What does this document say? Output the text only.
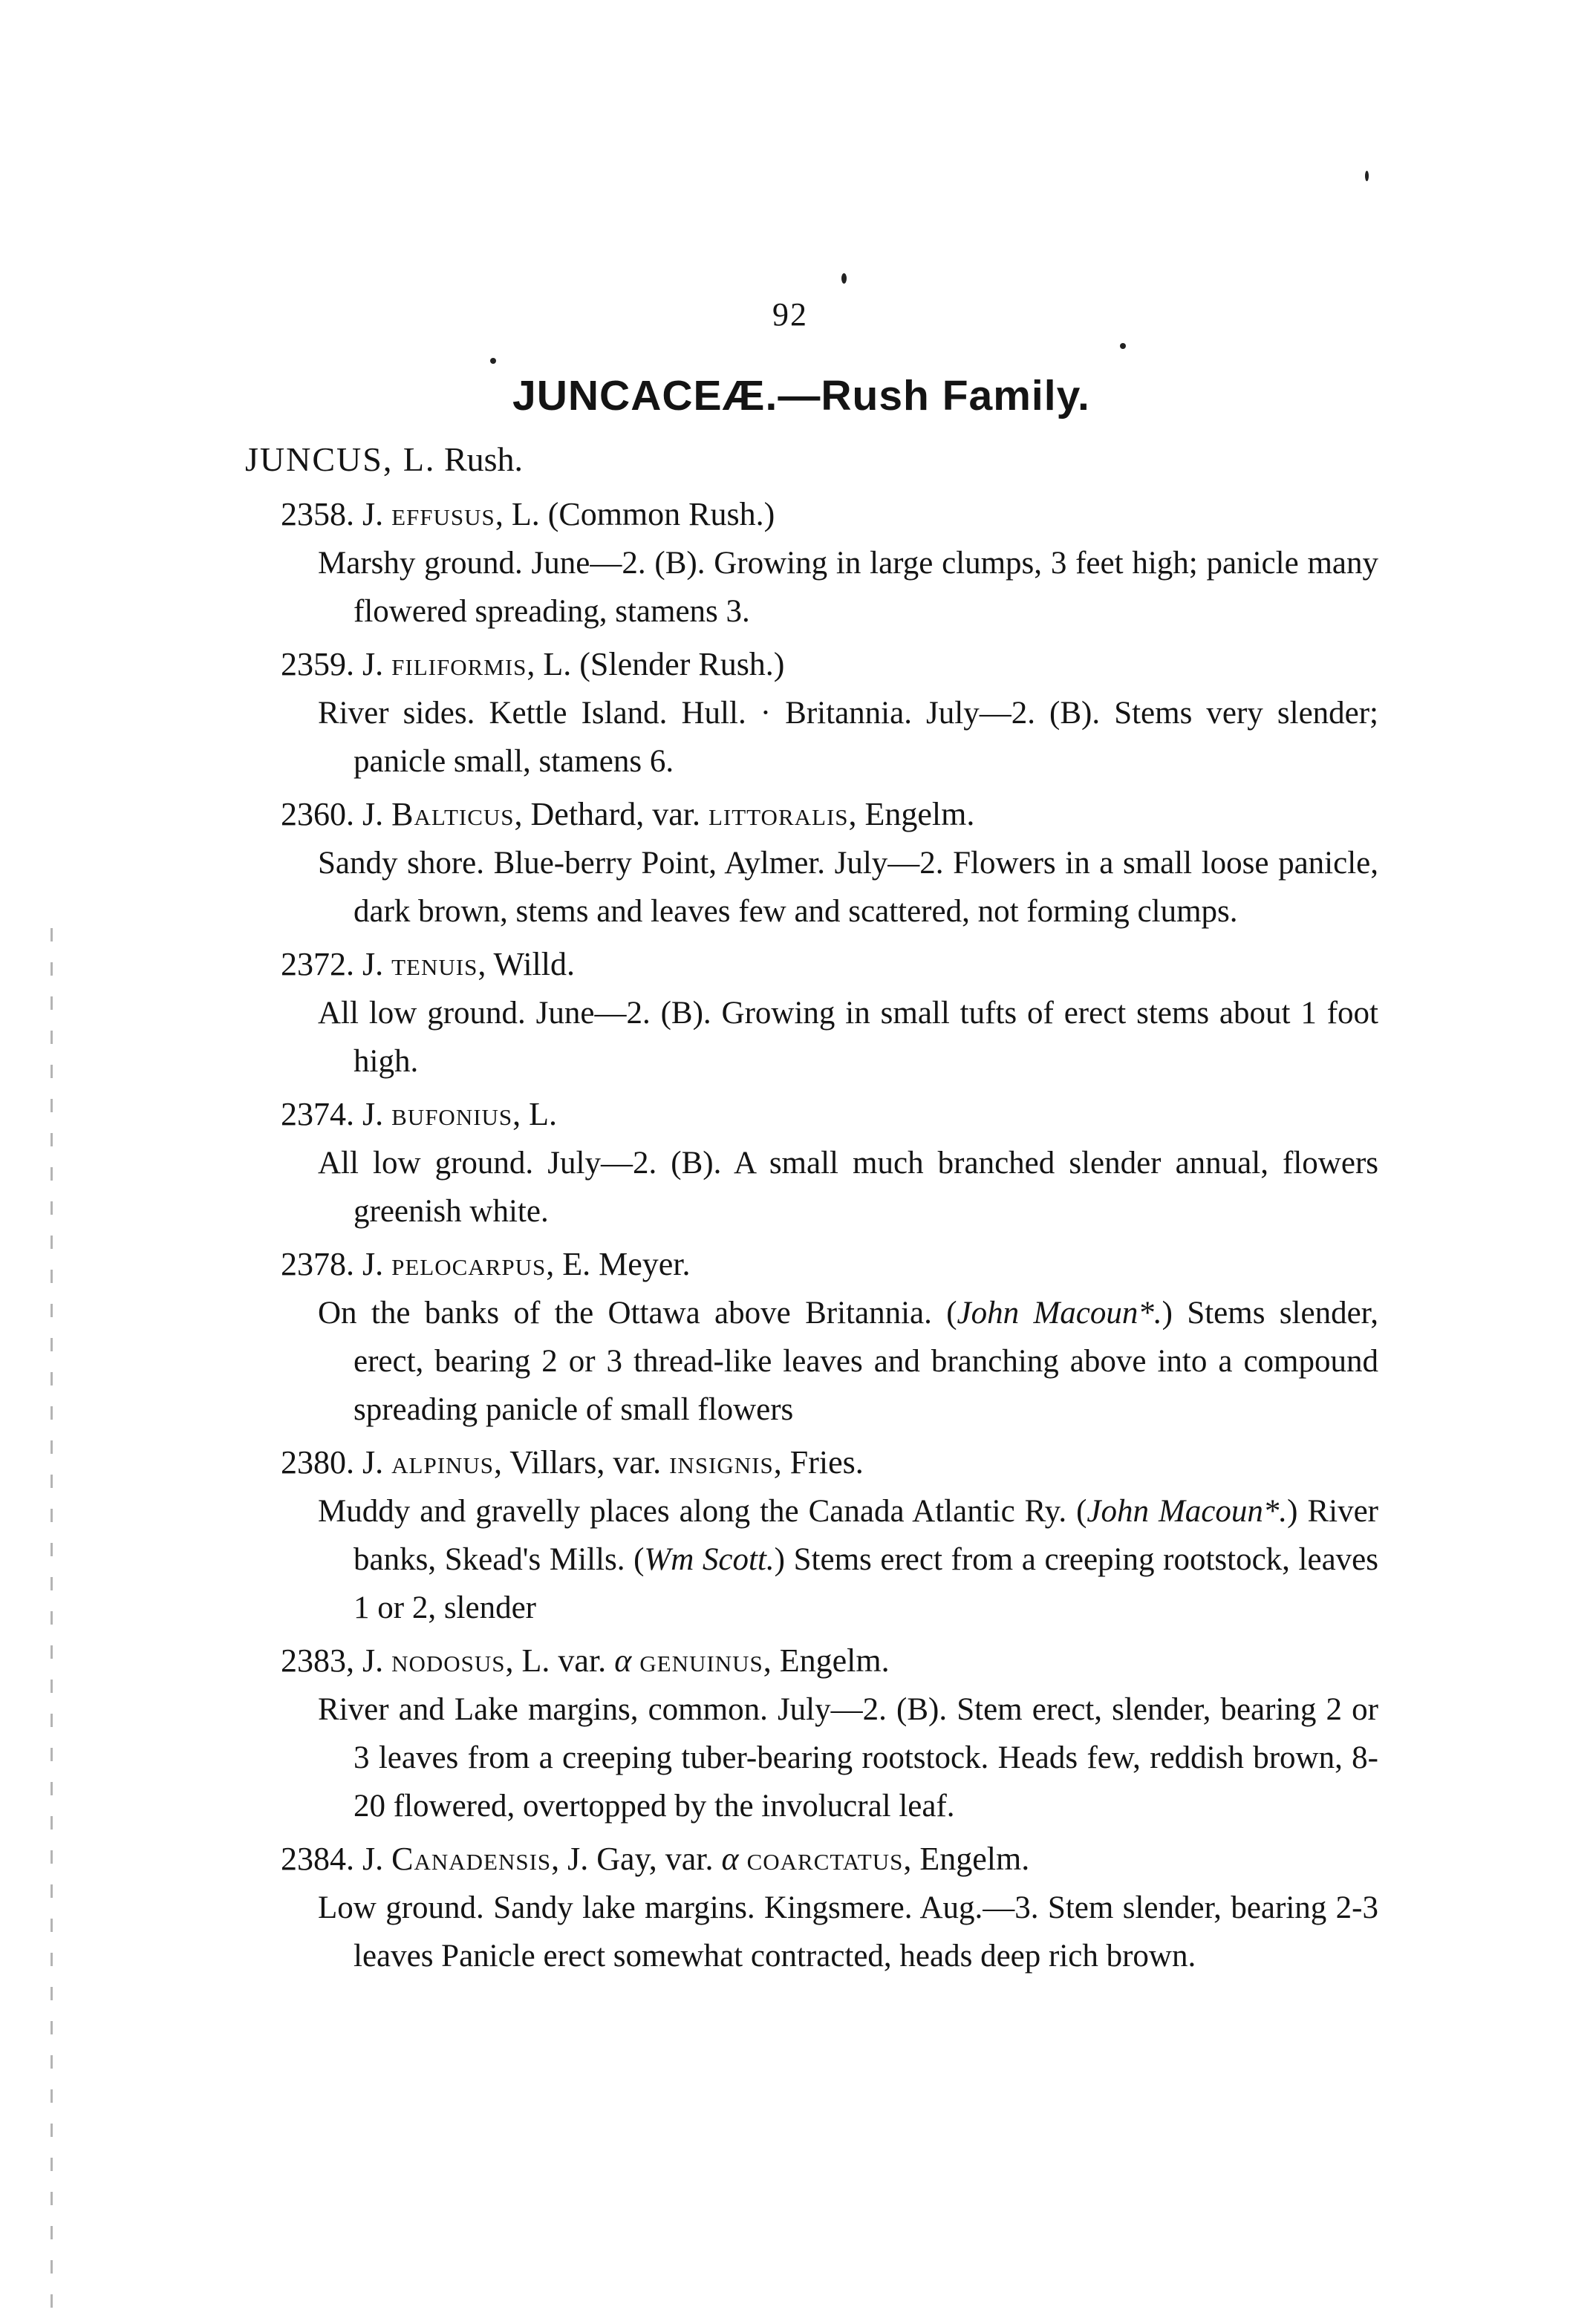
92
JUNCACEÆ.—Rush Family.
JUNCUS, L. Rush.
2358. J. effusus, L. (Common Rush.)
Marshy ground. June—2. (B). Growing in large clumps, 3 feet high; panicle many flowered spreading, stamens 3.
2359. J. filiformis, L. (Slender Rush.)
River sides. Kettle Island. Hull. · Britannia. July—2. (B). Stems very slender; panicle small, stamens 6.
2360. J. Balticus, Dethard, var. littoralis, Engelm.
Sandy shore. Blue-berry Point, Aylmer. July—2. Flowers in a small loose panicle, dark brown, stems and leaves few and scattered, not forming clumps.
2372. J. tenuis, Willd.
All low ground. June—2. (B). Growing in small tufts of erect stems about 1 foot high.
2374. J. bufonius, L.
All low ground. July—2. (B). A small much branched slender annual, flowers greenish white.
2378. J. pelocarpus, E. Meyer.
On the banks of the Ottawa above Britannia. (John Macoun*.) Stems slender, erect, bearing 2 or 3 thread-like leaves and branching above into a compound spreading panicle of small flowers
2380. J. alpinus, Villars, var. insignis, Fries.
Muddy and gravelly places along the Canada Atlantic Ry. (John Macoun*.) River banks, Skead's Mills. (Wm Scott.) Stems erect from a creeping rootstock, leaves 1 or 2, slender
2383, J. nodosus, L. var. α genuinus, Engelm.
River and Lake margins, common. July—2. (B). Stem erect, slender, bearing 2 or 3 leaves from a creeping tuber-bearing rootstock. Heads few, reddish brown, 8-20 flowered, overtopped by the involucral leaf.
2384. J. Canadensis, J. Gay, var. α coarctatus, Engelm.
Low ground. Sandy lake margins. Kingsmere. Aug.—3. Stem slender, bearing 2-3 leaves Panicle erect somewhat contracted, heads deep rich brown.
